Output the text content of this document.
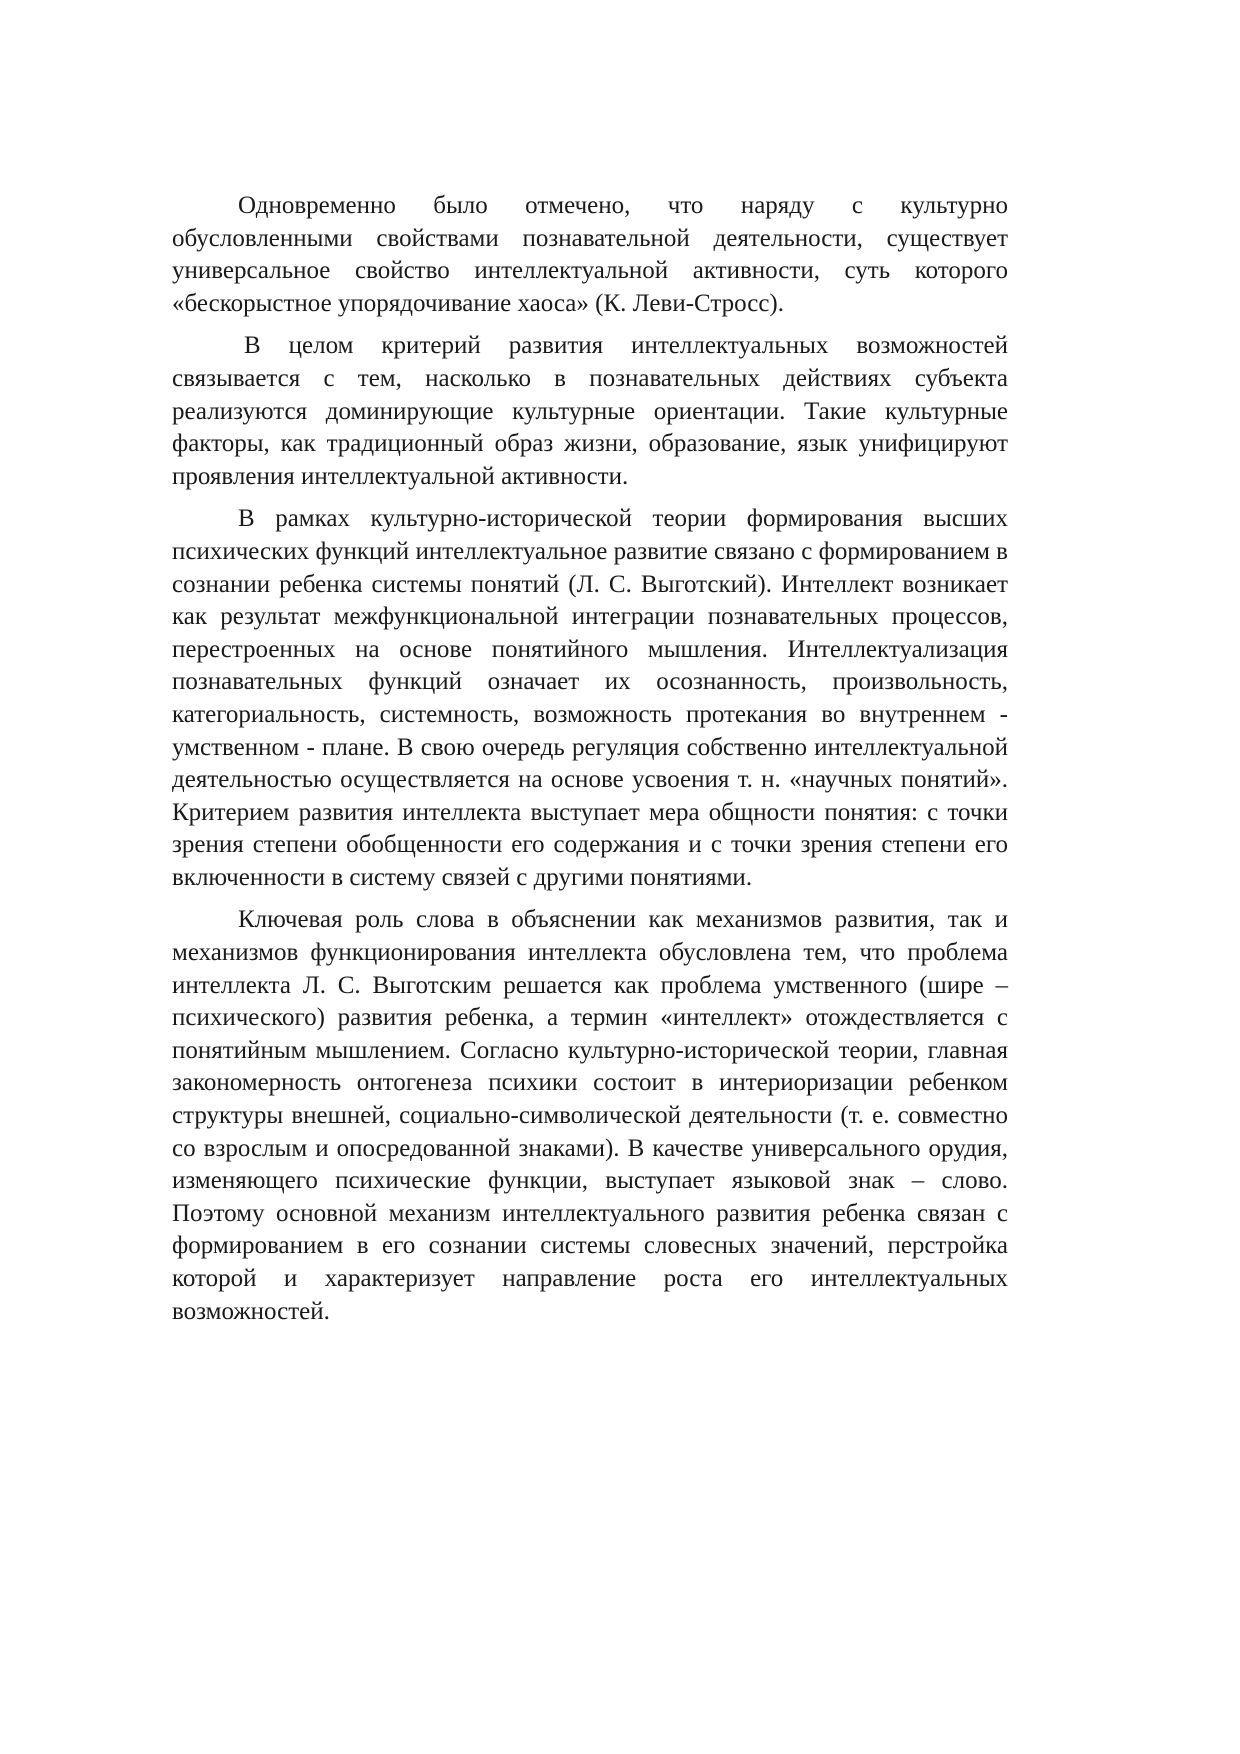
Одновременно было отмечено, что наряду с культурно обусловленными свойствами познавательной деятельности, существует универсальное свойство интеллектуальной активности, суть которого «бескорыстное упорядочивание хаоса» (К. Леви-Стросс).

В целом критерий развития интеллектуальных возможностей связывается с тем, насколько в познавательных действиях субъекта реализуются доминирующие культурные ориентации. Такие культурные факторы, как традиционный образ жизни, образование, язык унифицируют проявления интеллектуальной активности.

В рамках культурно-исторической теории формирования высших психических функций интеллектуальное развитие связано с формированием в сознании ребенка системы понятий (Л. С. Выготский). Интеллект возникает как результат межфункциональной интеграции познавательных процессов, перестроенных на основе понятийного мышления. Интеллектуализация познавательных функций означает их осознанность, произвольность, категориальность, системность, возможность протекания во внутреннем - умственном - плане. В свою очередь регуляция собственно интеллектуальной деятельностью осуществляется на основе усвоения т. н. «научных понятий». Критерием развития интеллекта выступает мера общности понятия: с точки зрения степени обобщенности его содержания и с точки зрения степени его включенности в систему связей с другими понятиями.

Ключевая роль слова в объяснении как механизмов развития, так и механизмов функционирования интеллекта обусловлена тем, что проблема интеллекта Л. С. Выготским решается как проблема умственного (шире – психического) развития ребенка, а термин «интеллект» отождествляется с понятийным мышлением. Согласно культурно-исторической теории, главная закономерность онтогенеза психики состоит в интериоризации ребенком структуры внешней, социально-символической деятельности (т. е. совместно со взрослым и опосредованной знаками). В качестве универсального орудия, изменяющего психические функции, выступает языковой знак – слово. Поэтому основной механизм интеллектуального развития ребенка связан с формированием в его сознании системы словесных значений, перстройка которой и характеризует направление роста его интеллектуальных возможностей.
